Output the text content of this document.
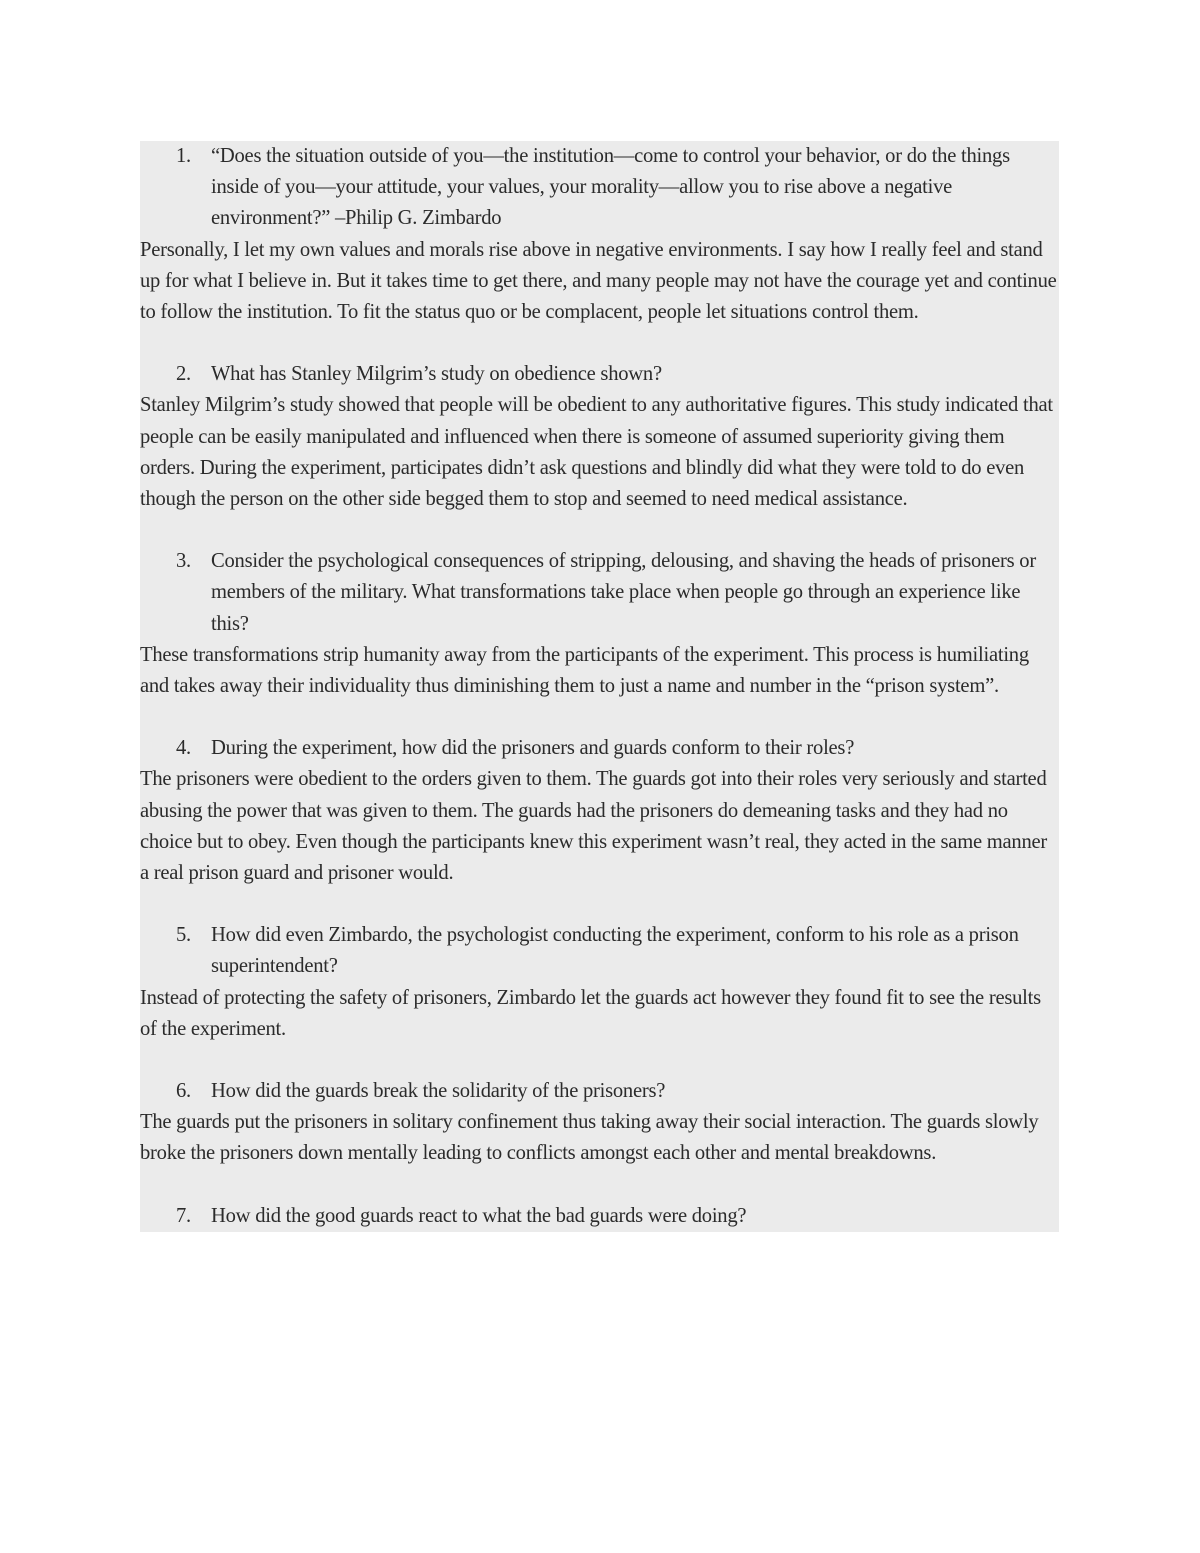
1. “Does the situation outside of you—the institution—come to control your behavior, or do the things inside of you—your attitude, your values, your morality—allow you to rise above a negative environment?” –Philip G. Zimbardo

Personally, I let my own values and morals rise above in negative environments. I say how I really feel and stand up for what I believe in. But it takes time to get there, and many people may not have the courage yet and continue to follow the institution. To fit the status quo or be complacent, people let situations control them.

2. What has Stanley Milgrim’s study on obedience shown?

Stanley Milgrim’s study showed that people will be obedient to any authoritative figures. This study indicated that people can be easily manipulated and influenced when there is someone of assumed superiority giving them orders. During the experiment, participates didn’t ask questions and blindly did what they were told to do even though the person on the other side begged them to stop and seemed to need medical assistance.

3. Consider the psychological consequences of stripping, delousing, and shaving the heads of prisoners or members of the military. What transformations take place when people go through an experience like this?

These transformations strip humanity away from the participants of the experiment. This process is humiliating and takes away their individuality thus diminishing them to just a name and number in the “prison system”.

4. During the experiment, how did the prisoners and guards conform to their roles?

The prisoners were obedient to the orders given to them. The guards got into their roles very seriously and started abusing the power that was given to them. The guards had the prisoners do demeaning tasks and they had no choice but to obey. Even though the participants knew this experiment wasn’t real, they acted in the same manner a real prison guard and prisoner would.

5. How did even Zimbardo, the psychologist conducting the experiment, conform to his role as a prison superintendent?

Instead of protecting the safety of prisoners, Zimbardo let the guards act however they found fit to see the results of the experiment.

6. How did the guards break the solidarity of the prisoners?

The guards put the prisoners in solitary confinement thus taking away their social interaction. The guards slowly broke the prisoners down mentally leading to conflicts amongst each other and mental breakdowns.

7. How did the good guards react to what the bad guards were doing?
